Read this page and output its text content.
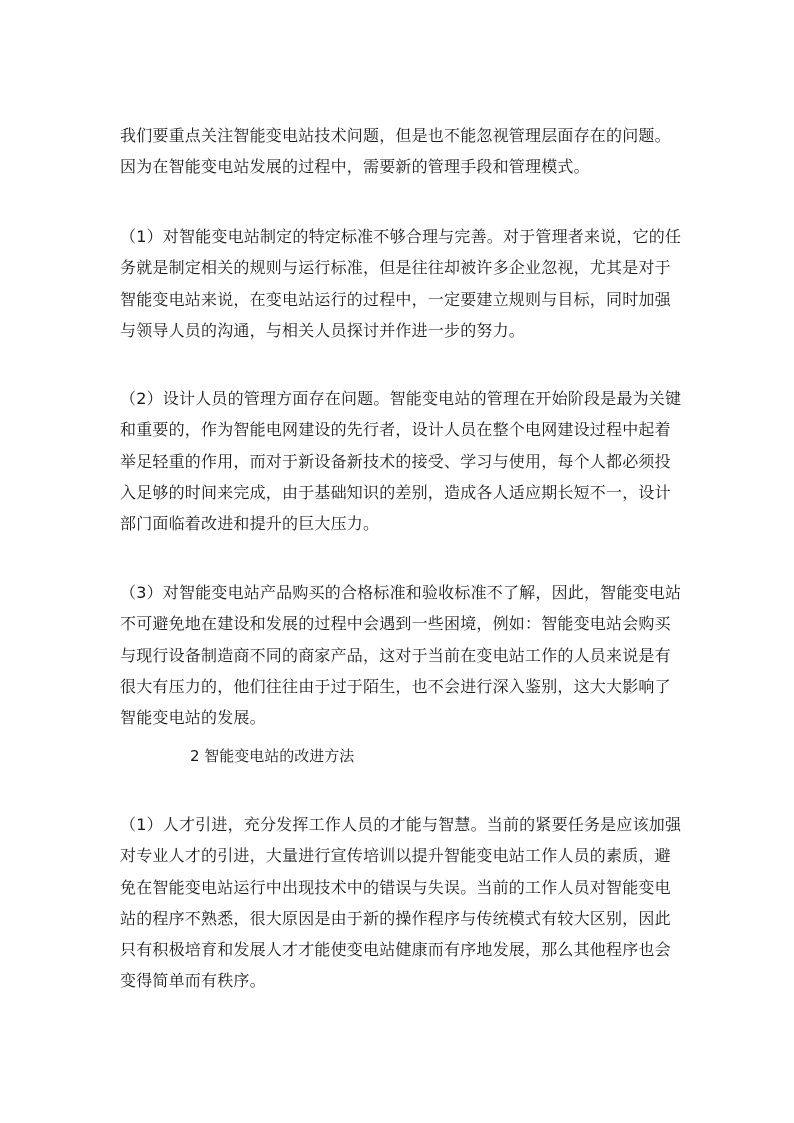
我们要重点关注智能变电站技术问题，但是也不能忽视管理层面存在的问题。
因为在智能变电站发展的过程中，需要新的管理手段和管理模式。

（1）对智能变电站制定的特定标准不够合理与完善。对于管理者来说，它的任
务就是制定相关的规则与运行标准，但是往往却被许多企业忽视，尤其是对于
智能变电站来说，在变电站运行的过程中，一定要建立规则与目标，同时加强
与领导人员的沟通，与相关人员探讨并作进一步的努力。

（2）设计人员的管理方面存在问题。智能变电站的管理在开始阶段是最为关键
和重要的，作为智能电网建设的先行者，设计人员在整个电网建设过程中起着
举足轻重的作用，而对于新设备新技术的接受、学习与使用，每个人都必须投
入足够的时间来完成，由于基础知识的差别，造成各人适应期长短不一，设计
部门面临着改进和提升的巨大压力。

（3）对智能变电站产品购买的合格标准和验收标准不了解，因此，智能变电站
不可避免地在建设和发展的过程中会遇到一些困境，例如：智能变电站会购买
与现行设备制造商不同的商家产品，这对于当前在变电站工作的人员来说是有
很大有压力的，他们往往由于过于陌生，也不会进行深入鉴别，这大大影响了
智能变电站的发展。

2 智能变电站的改进方法

（1）人才引进，充分发挥工作人员的才能与智慧。当前的紧要任务是应该加强
对专业人才的引进，大量进行宣传培训以提升智能变电站工作人员的素质，避
免在智能变电站运行中出现技术中的错误与失误。当前的工作人员对智能变电
站的程序不熟悉，很大原因是由于新的操作程序与传统模式有较大区别，因此
只有积极培育和发展人才才能使变电站健康而有序地发展，那么其他程序也会
变得简单而有秩序。
